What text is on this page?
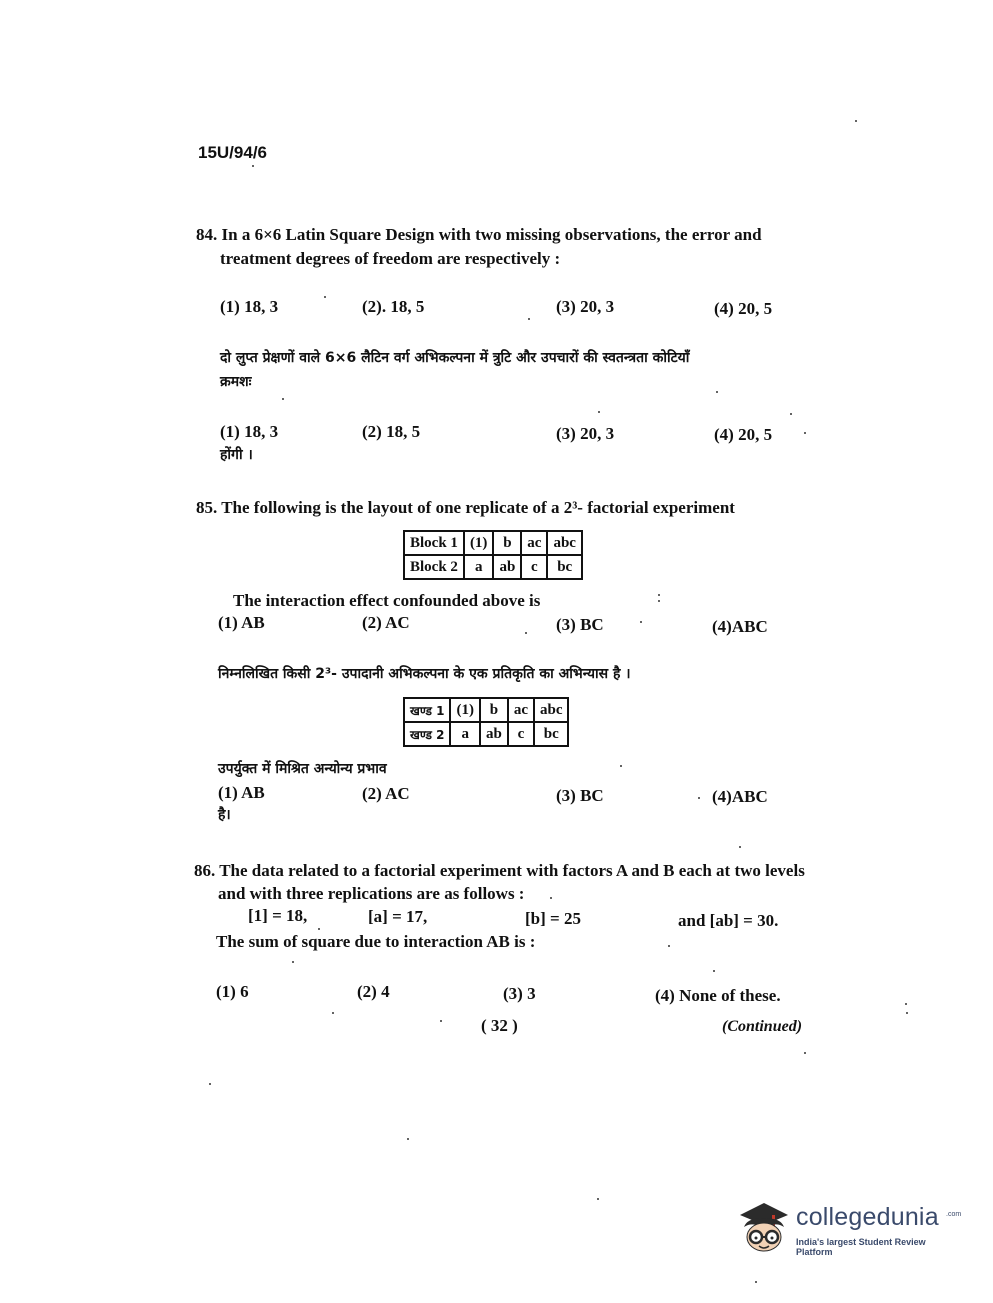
15U/94/6
84. In a 6×6 Latin Square Design with two missing observations, the error and
treatment degrees of freedom are respectively :
(1) 18, 3	(2). 18, 5	(3) 20, 3	(4) 20, 5
दो लुप्त प्रेक्षणों वाले 6×6 लैटिन वर्ग अभिकल्पना में त्रुटि और उपचारों की स्वतन्त्रता कोटियाँ
क्रमशः
(1) 18, 3	(2) 18, 5	(3) 20, 3	(4) 20, 5
होंगी ।
85. The following is the layout of one replicate of a 2³- factorial experiment
Block 1	(1)	b	ac	abc
Block 2	a	ab	c	bc
The interaction effect confounded above is
(1) AB	(2) AC	(3) BC	(4)ABC
निम्नलिखित किसी 2³- उपादानी अभिकल्पना के एक प्रतिकृति का अभिन्यास है ।
खण्ड 1	(1)	b	ac	abc
खण्ड 2	a	ab	c	bc
उपर्युक्त में मिश्रित अन्योन्य प्रभाव
(1) AB	(2) AC	(3) BC	(4)ABC
है।
86. The data related to a factorial experiment with factors A and B each at two levels
and with three replications are as follows :
[1] = 18,	[a] = 17,	[b] = 25	and [ab] = 30.
The sum of square due to interaction AB is :
(1) 6	(2) 4	(3) 3	(4) None of these.
( 32 )	(Continued)
collegedunia .com
India's largest Student Review Platform
